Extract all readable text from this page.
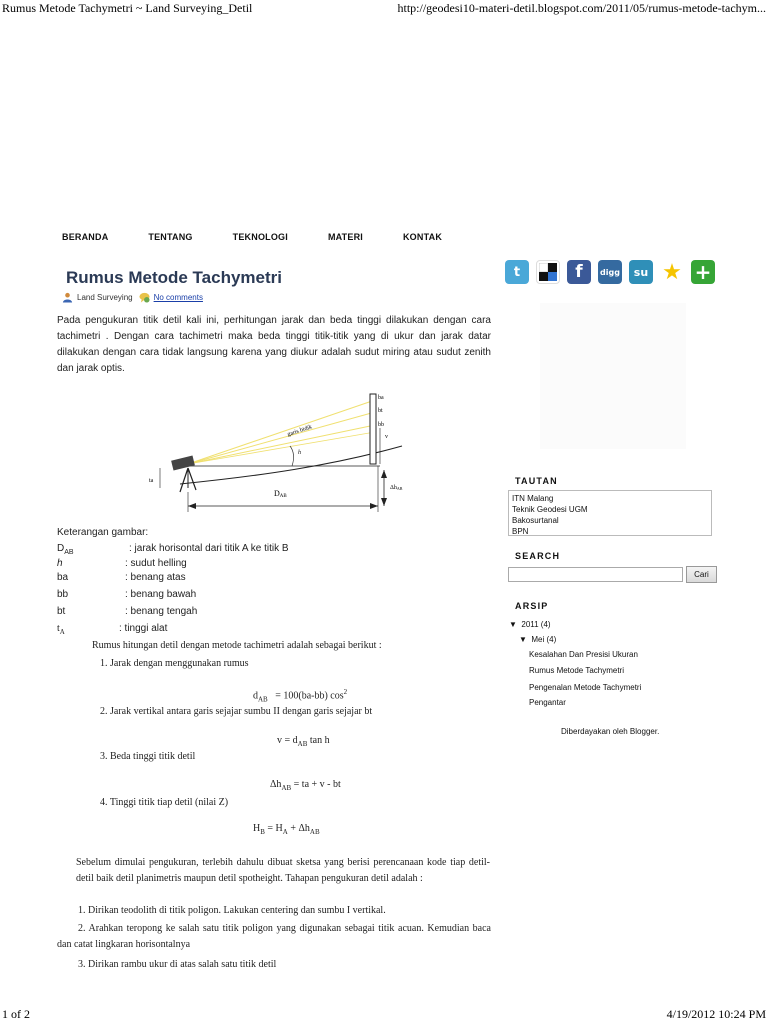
Rumus Metode Tachymetri ~ Land Surveying_Detil	http://geodesi10-materi-detil.blogspot.com/2011/05/rumus-metode-tachym...
BERANDA	TENTANG	TEKNOLOGI	MATERI	KONTAK
Rumus Metode Tachymetri
Land Surveying	No comments
Pada pengukuran titik detil kali ini, perhitungan jarak dan beda tinggi dilakukan dengan cara tachimetri . Dengan cara tachimetri maka beda tinggi titik-titik yang di ukur dan jarak datar dilakukan dengan cara tidak langsung karena yang diukur adalah sudut miring atau sudut zenith dan jarak optis.
ba
bt
bb
v
garis bidik
h
ta
DAB
ΔhAB
Keterangan gambar:
$D_{AB}$	: jarak horisontal dari titik A ke titik B
h	: sudut helling
ba	: benang atas
bb	: benang bawah
bt	: benang tengah
$t_A$	: tinggi alat
Rumus hitungan detil dengan metode tachimetri adalah sebagai berikut :
1. Jarak dengan menggunakan rumus
$d_{AB} = 100(ba-bb)$ $\cos^2$
2. Jarak vertikal antara garis sejajar sumbu II dengan garis sejajar bt
$v = d_{AB}$ tan h
3. Beda tinggi titik detil
$\Delta h_{AB}$ = ta + v - bt
4. Tinggi titik tiap detil (nilai Z)
$H_B = H_A + \Delta h_{AB}$
Sebelum dimulai pengukuran, terlebih dahulu dibuat sketsa yang berisi perencanaan kode tiap detil-detil baik detil planimetris maupun detil spotheight. Tahapan pengukuran detil adalah :
1. Dirikan teodolith di titik poligon. Lakukan centering dan sumbu I vertikal.
2. Arahkan teropong ke salah satu titik poligon yang digunakan sebagai titik acuan. Kemudian baca dan catat lingkaran horisontalnya
3. Dirikan rambu ukur di atas salah satu titik detil
t	f digg su ★ +
TAUTAN
ITN Malang
Teknik Geodesi UGM
Bakosurtanal
BPN
SEARCH
Cari
ARSIP
▼ 2011 (4)
▼ Mei (4)
Kesalahan Dan Presisi Ukuran
Rumus Metode Tachymetri
Pengenalan Metode Tachymetri
Pengantar
Diberdayakan oleh Blogger.
1 of 2	4/19/2012 10:24 PM
